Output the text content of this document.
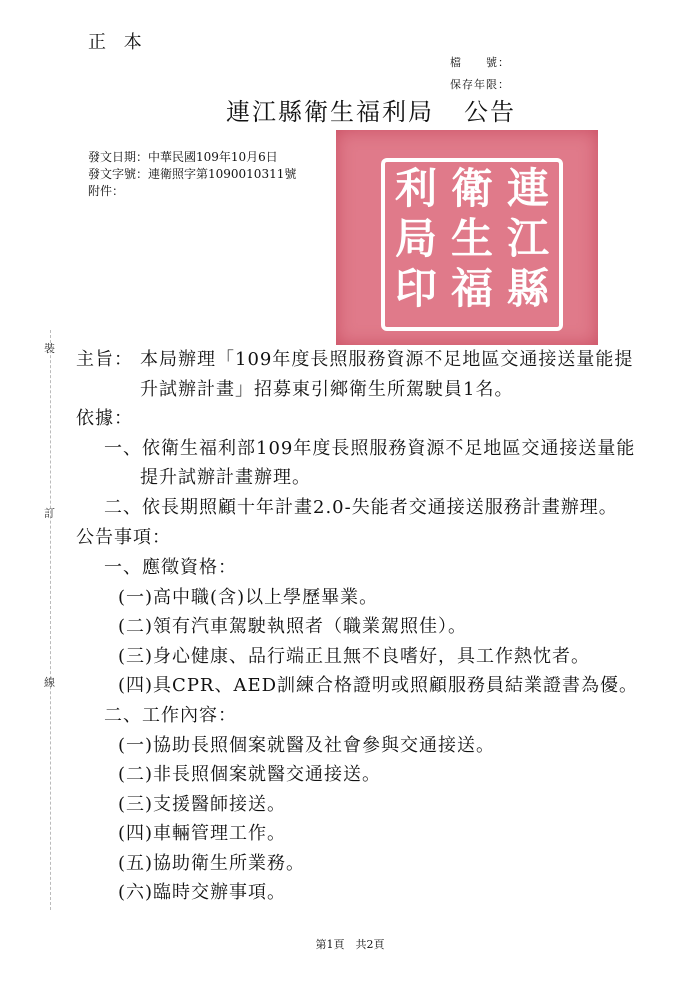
正 本
檔　　號：
保存年限：
連江縣衛生福利局 公告
發文日期：中華民國109年10月6日
發文字號：連衛照字第1090010311號
附件：	連
江
縣
衛
生
福
利
局
印
裝
訂
線
主旨： 本局辦理「109年度長照服務資源不足地區交通接送量能提
升試辦計畫」招募東引鄉衛生所駕駛員1名。
依據：
一、依衛生福利部109年度長照服務資源不足地區交通接送量能
提升試辦計畫辦理。
二、依長期照顧十年計畫2.0-失能者交通接送服務計畫辦理。
公告事項：
一、應徵資格：
(一)高中職(含)以上學歷畢業。
(二)領有汽車駕駛執照者（職業駕照佳）。
(三)身心健康、品行端正且無不良嗜好，具工作熱忱者。
(四)具CPR、AED訓練合格證明或照顧服務員結業證書為優。
二、工作內容：
(一)協助長照個案就醫及社會參與交通接送。
(二)非長照個案就醫交通接送。
(三)支援醫師接送。
(四)車輛管理工作。
(五)協助衛生所業務。
(六)臨時交辦事項。
第1頁　共2頁
